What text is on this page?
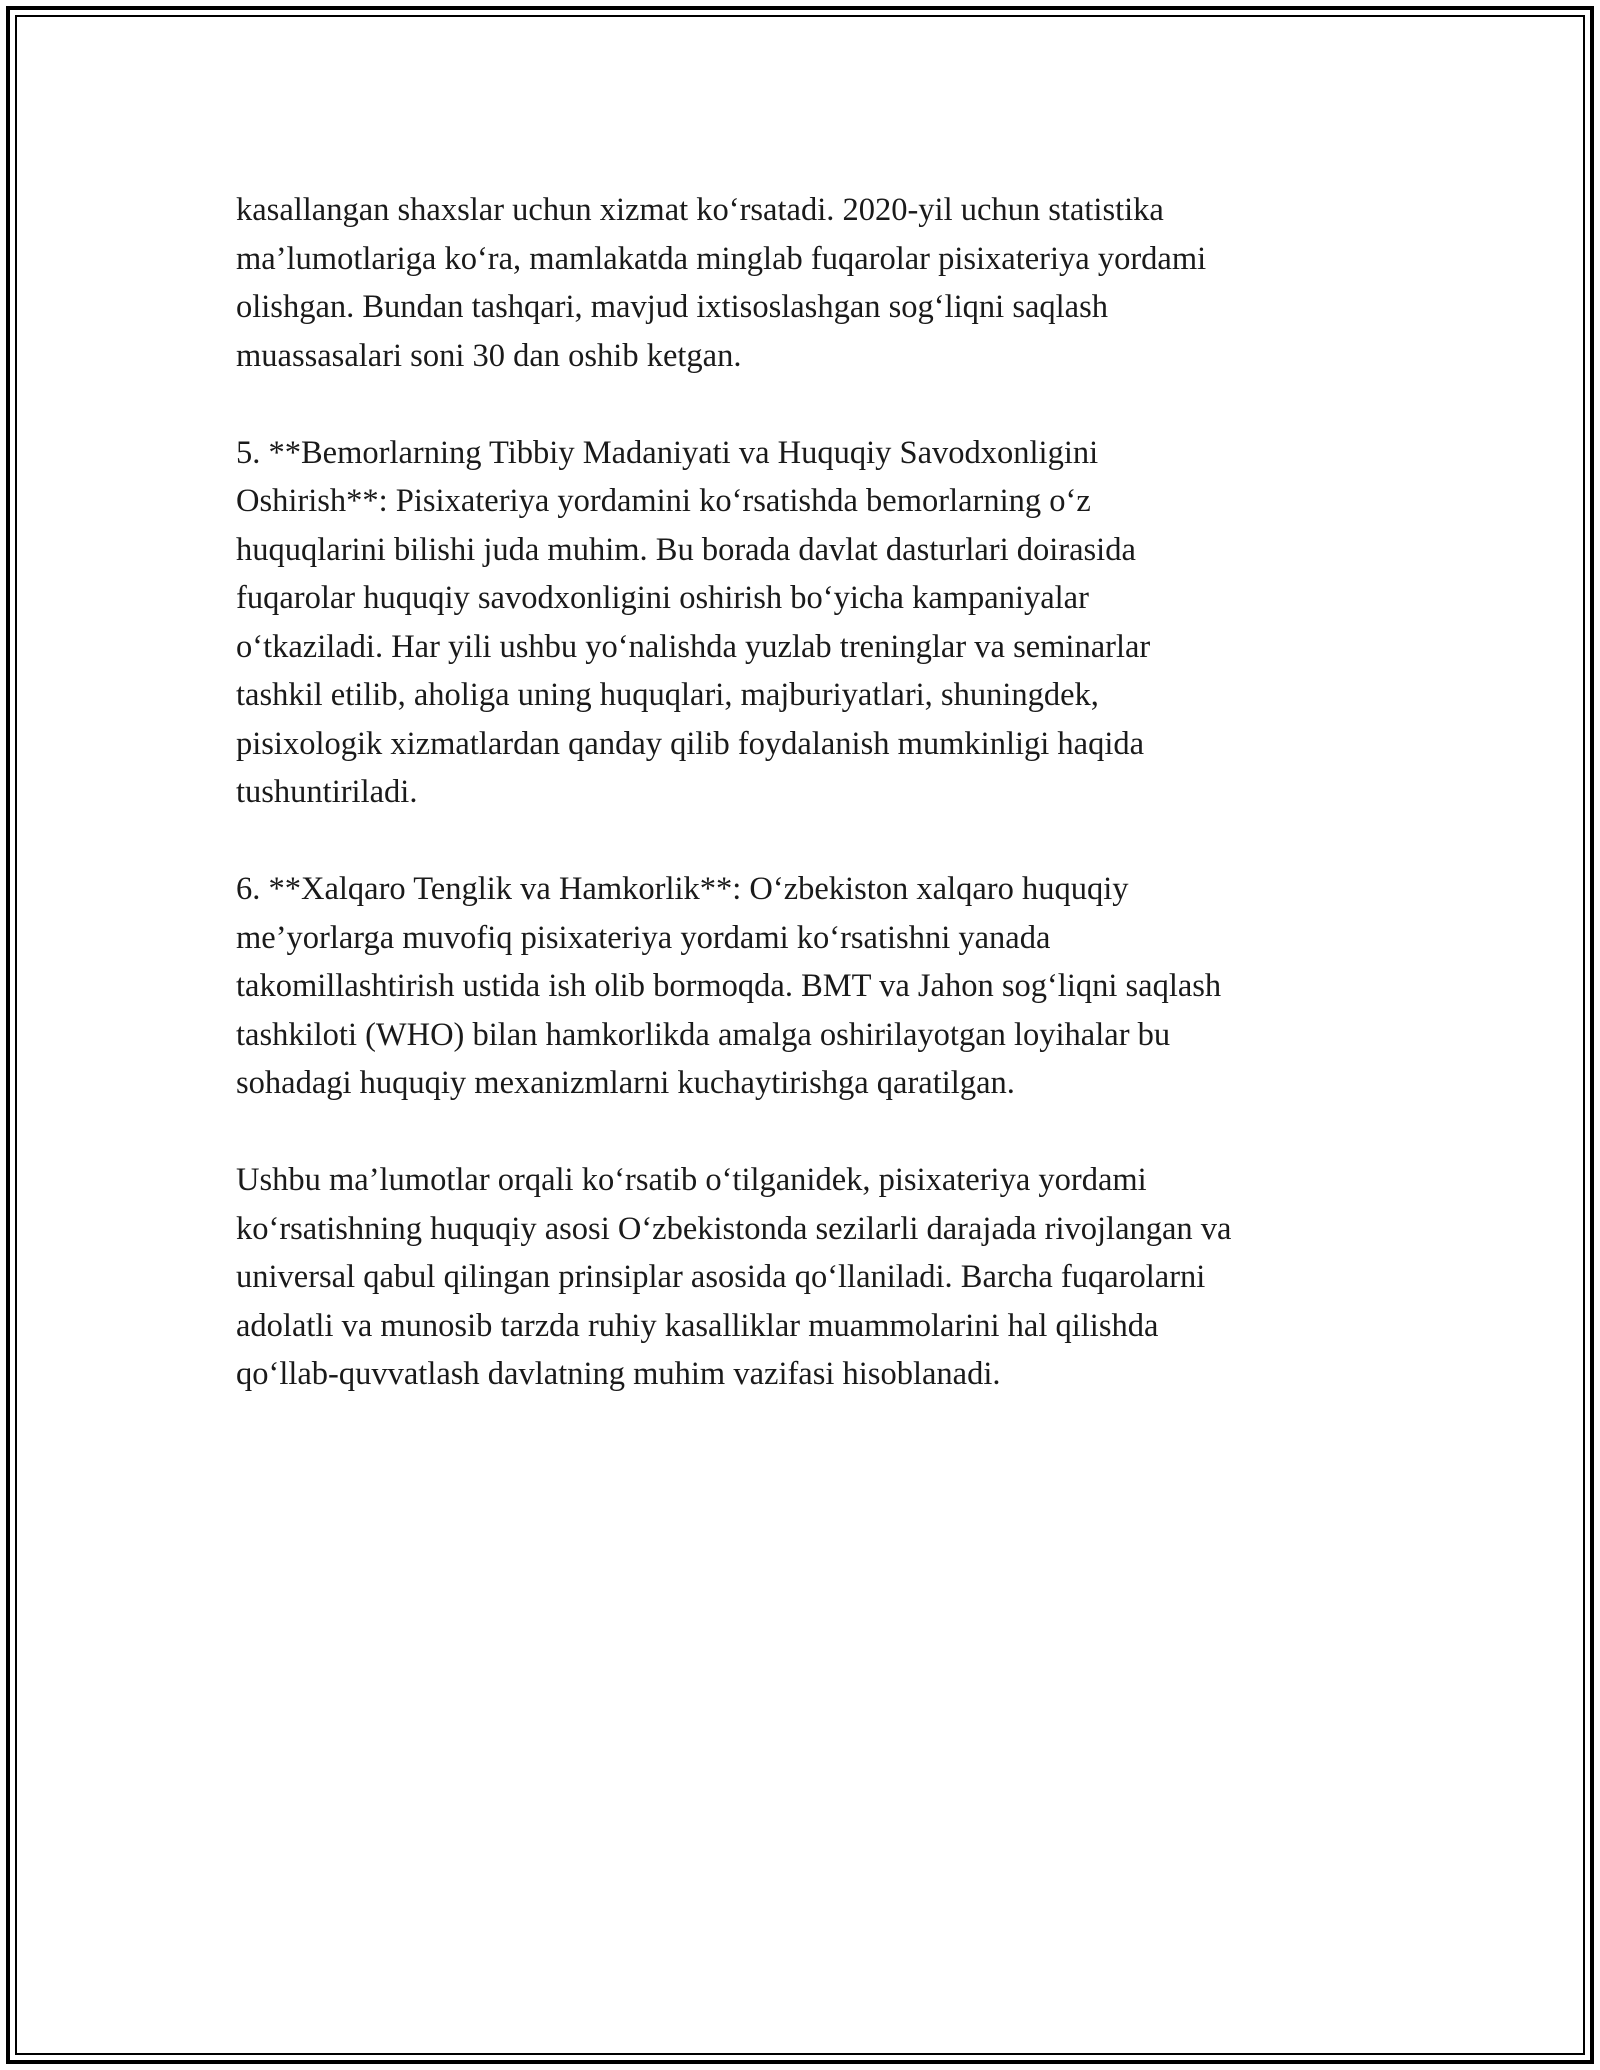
kasallangan shaxslar uchun xizmat ko‘rsatadi. 2020-yil uchun statistika
ma’lumotlariga ko‘ra, mamlakatda minglab fuqarolar pisixateriya yordami
olishgan. Bundan tashqari, mavjud ixtisoslashgan sog‘liqni saqlash
muassasalari soni 30 dan oshib ketgan.

5. **Bemorlarning Tibbiy Madaniyati va Huquqiy Savodxonligini
Oshirish**: Pisixateriya yordamini ko‘rsatishda bemorlarning o‘z
huquqlarini bilishi juda muhim. Bu borada davlat dasturlari doirasida
fuqarolar huquqiy savodxonligini oshirish bo‘yicha kampaniyalar
o‘tkaziladi. Har yili ushbu yo‘nalishda yuzlab treninglar va seminarlar
tashkil etilib, aholiga uning huquqlari, majburiyatlari, shuningdek,
pisixologik xizmatlardan qanday qilib foydalanish mumkinligi haqida
tushuntiriladi.

6. **Xalqaro Tenglik va Hamkorlik**: O‘zbekiston xalqaro huquqiy
me’yorlarga muvofiq pisixateriya yordami ko‘rsatishni yanada
takomillashtirish ustida ish olib bormoqda. BMT va Jahon sog‘liqni saqlash
tashkiloti (WHO) bilan hamkorlikda amalga oshirilayotgan loyihalar bu
sohadagi huquqiy mexanizmlarni kuchaytirishga qaratilgan.

Ushbu ma’lumotlar orqali ko‘rsatib o‘tilganidek, pisixateriya yordami
ko‘rsatishning huquqiy asosi O‘zbekistonda sezilarli darajada rivojlangan va
universal qabul qilingan prinsiplar asosida qo‘llaniladi. Barcha fuqarolarni
adolatli va munosib tarzda ruhiy kasalliklar muammolarini hal qilishda
qo‘llab-quvvatlash davlatning muhim vazifasi hisoblanadi.
